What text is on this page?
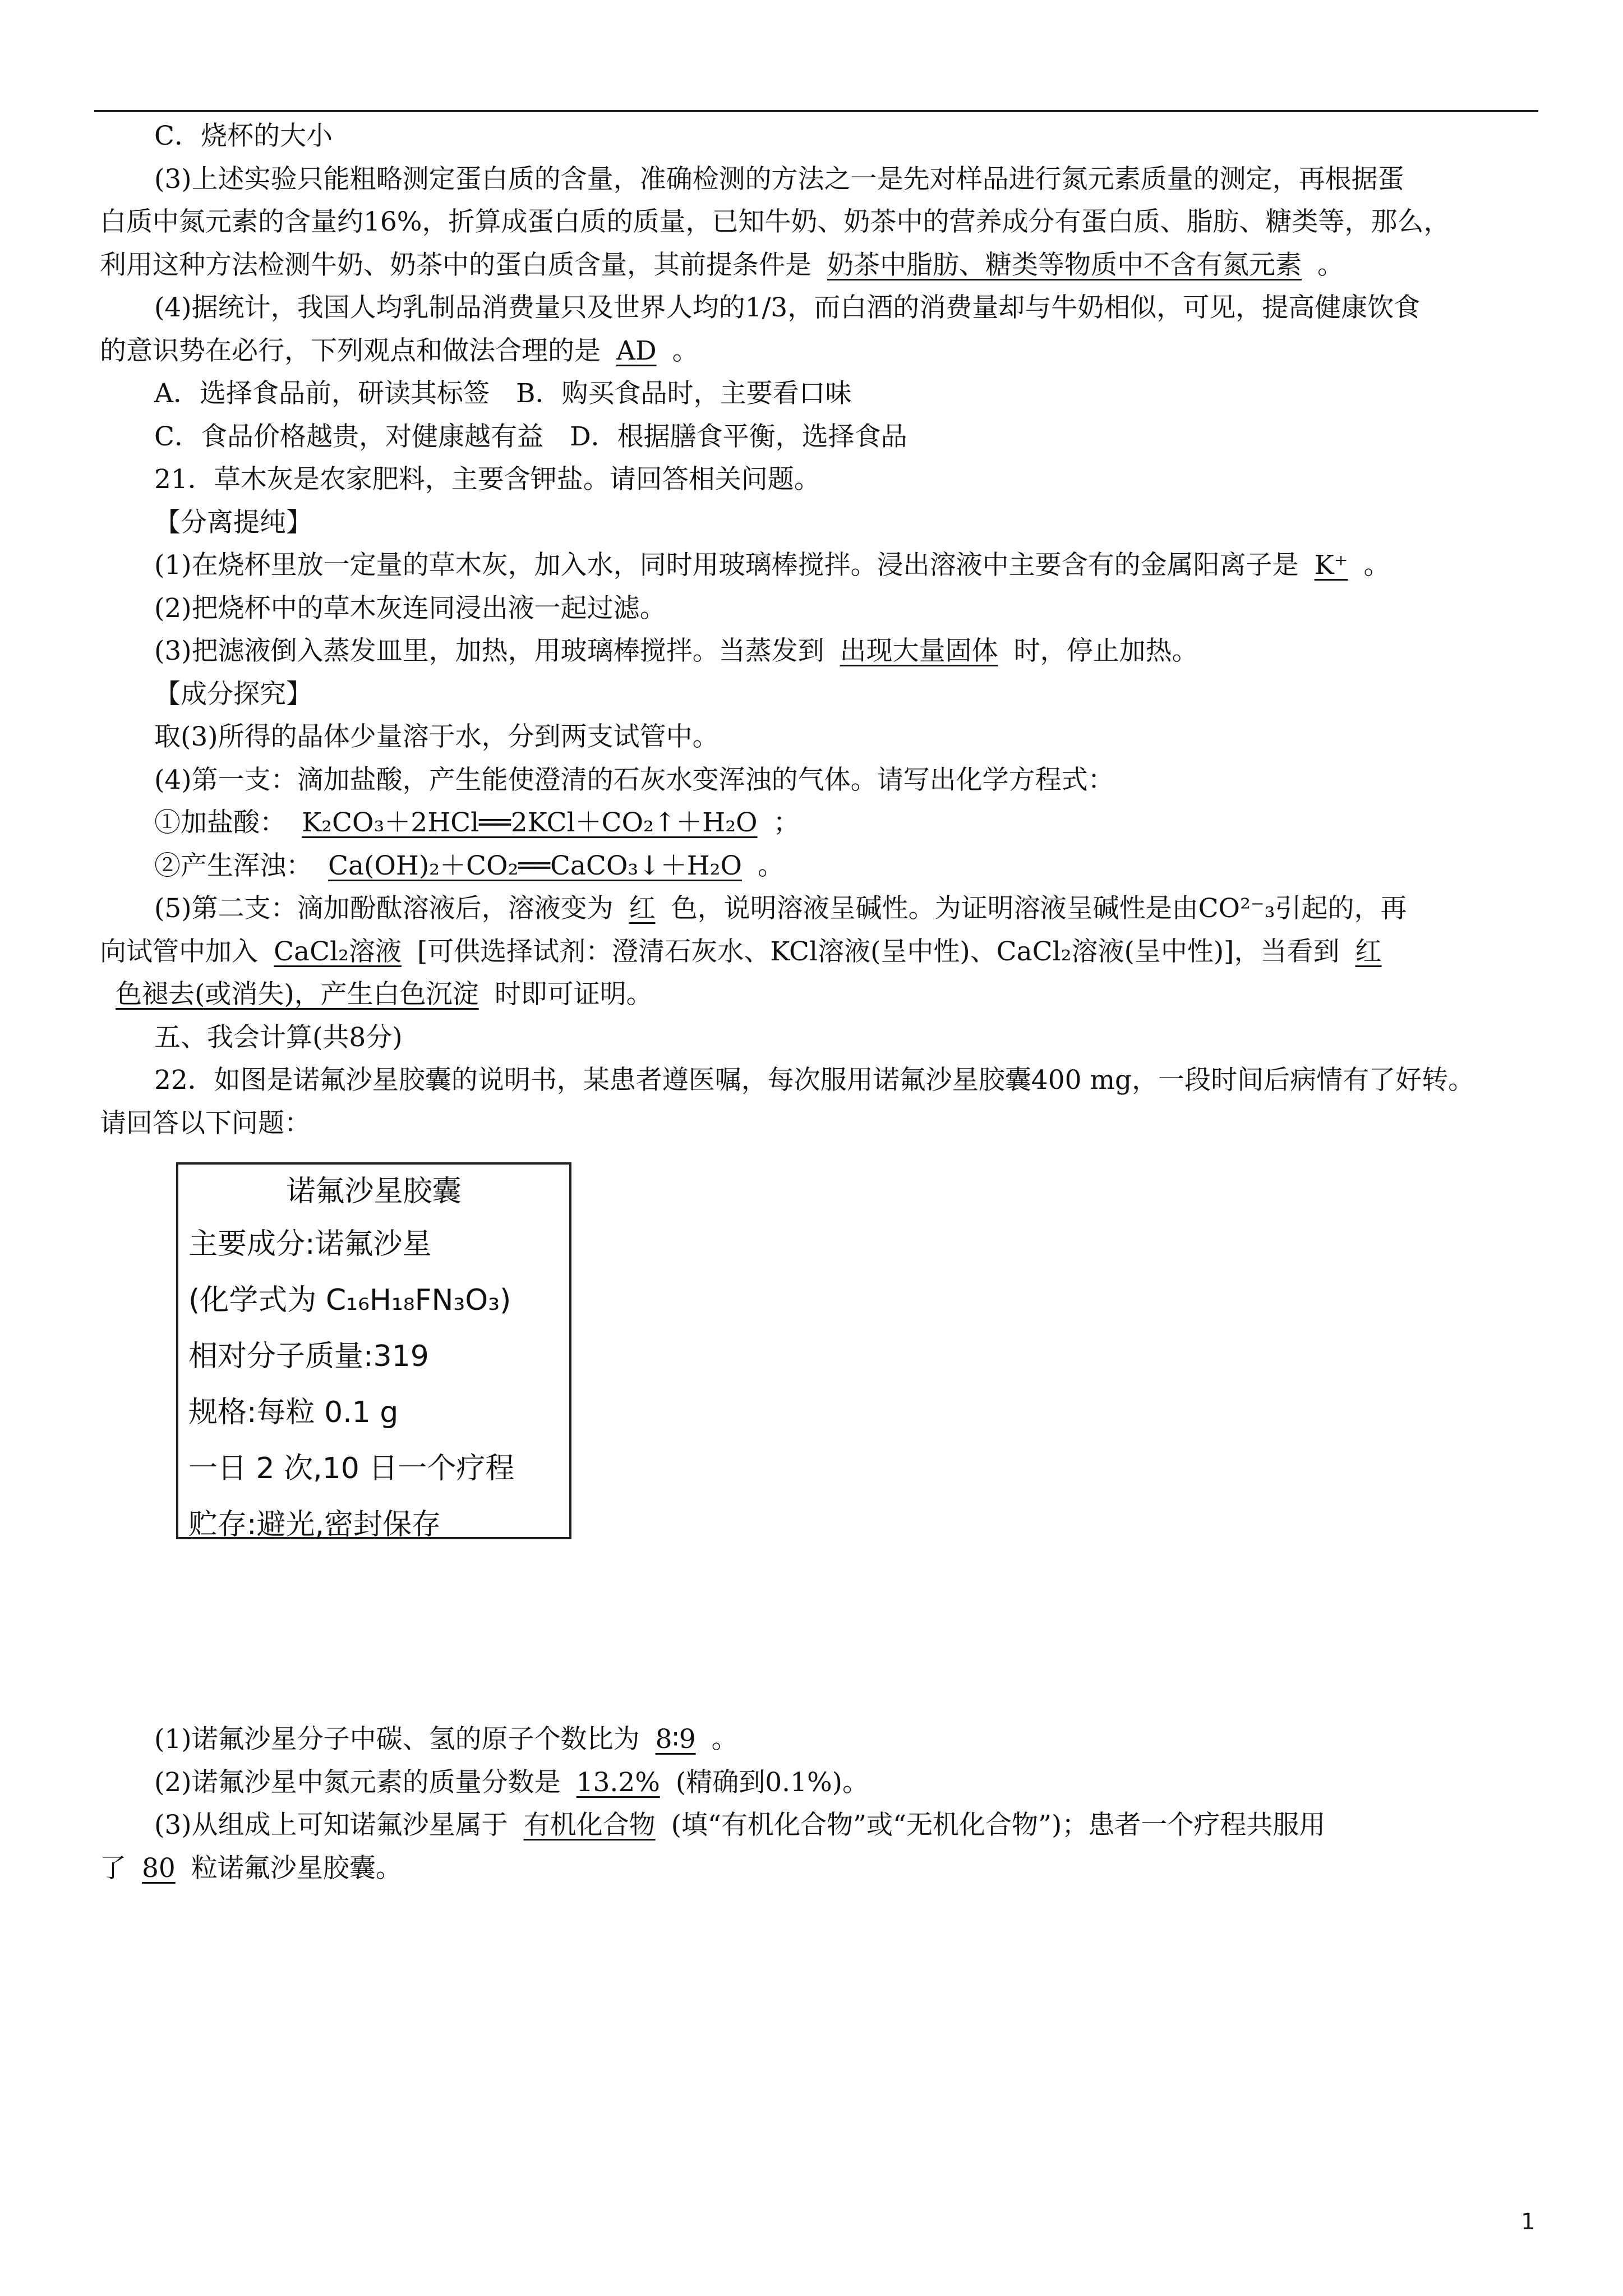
C．烧杯的大小
(3)上述实验只能粗略测定蛋白质的含量，准确检测的方法之一是先对样品进行氮元素质量的测定，再根据蛋
白质中氮元素的含量约16%，折算成蛋白质的质量，已知牛奶、奶茶中的营养成分有蛋白质、脂肪、糖类等，那么，
利用这种方法检测牛奶、奶茶中的蛋白质含量，其前提条件是 奶茶中脂肪、糖类等物质中不含有氮元素 。
(4)据统计，我国人均乳制品消费量只及世界人均的1/3，而白酒的消费量却与牛奶相似，可见，提高健康饮食
的意识势在必行，下列观点和做法合理的是 AD 。
A．选择食品前，研读其标签　B．购买食品时，主要看口味
C．食品价格越贵，对健康越有益　D．根据膳食平衡，选择食品
21．草木灰是农家肥料，主要含钾盐。请回答相关问题。
【分离提纯】
(1)在烧杯里放一定量的草木灰，加入水，同时用玻璃棒搅拌。浸出溶液中主要含有的金属阳离子是 K⁺ 。
(2)把烧杯中的草木灰连同浸出液一起过滤。
(3)把滤液倒入蒸发皿里，加热，用玻璃棒搅拌。当蒸发到 出现大量固体 时，停止加热。
【成分探究】
取(3)所得的晶体少量溶于水，分到两支试管中。
(4)第一支：滴加盐酸，产生能使澄清的石灰水变浑浊的气体。请写出化学方程式：
①加盐酸： K₂CO₃＋2HCl══2KCl＋CO₂↑＋H₂O ；
②产生浑浊： Ca(OH)₂＋CO₂══CaCO₃↓＋H₂O 。
(5)第二支：滴加酚酞溶液后，溶液变为 红 色，说明溶液呈碱性。为证明溶液呈碱性是由CO²⁻₃引起的，再
向试管中加入 CaCl₂溶液 [可供选择试剂：澄清石灰水、KCl溶液(呈中性)、CaCl₂溶液(呈中性)]，当看到 红
色褪去(或消失)，产生白色沉淀 时即可证明。
五、我会计算(共8分)
22．如图是诺氟沙星胶囊的说明书，某患者遵医嘱，每次服用诺氟沙星胶囊400 mg，一段时间后病情有了好转。
请回答以下问题：
(1)诺氟沙星分子中碳、氢的原子个数比为 8∶9 。
(2)诺氟沙星中氮元素的质量分数是 13.2% (精确到0.1%)。
(3)从组成上可知诺氟沙星属于 有机化合物 (填“有机化合物”或“无机化合物”)；患者一个疗程共服用
了 80 粒诺氟沙星胶囊。
诺氟沙星胶囊
主要成分:诺氟沙星
(化学式为 C₁₆H₁₈FN₃O₃)
相对分子质量:319
规格:每粒 0.1 g
一日 2 次,10 日一个疗程
贮存:避光,密封保存
1
